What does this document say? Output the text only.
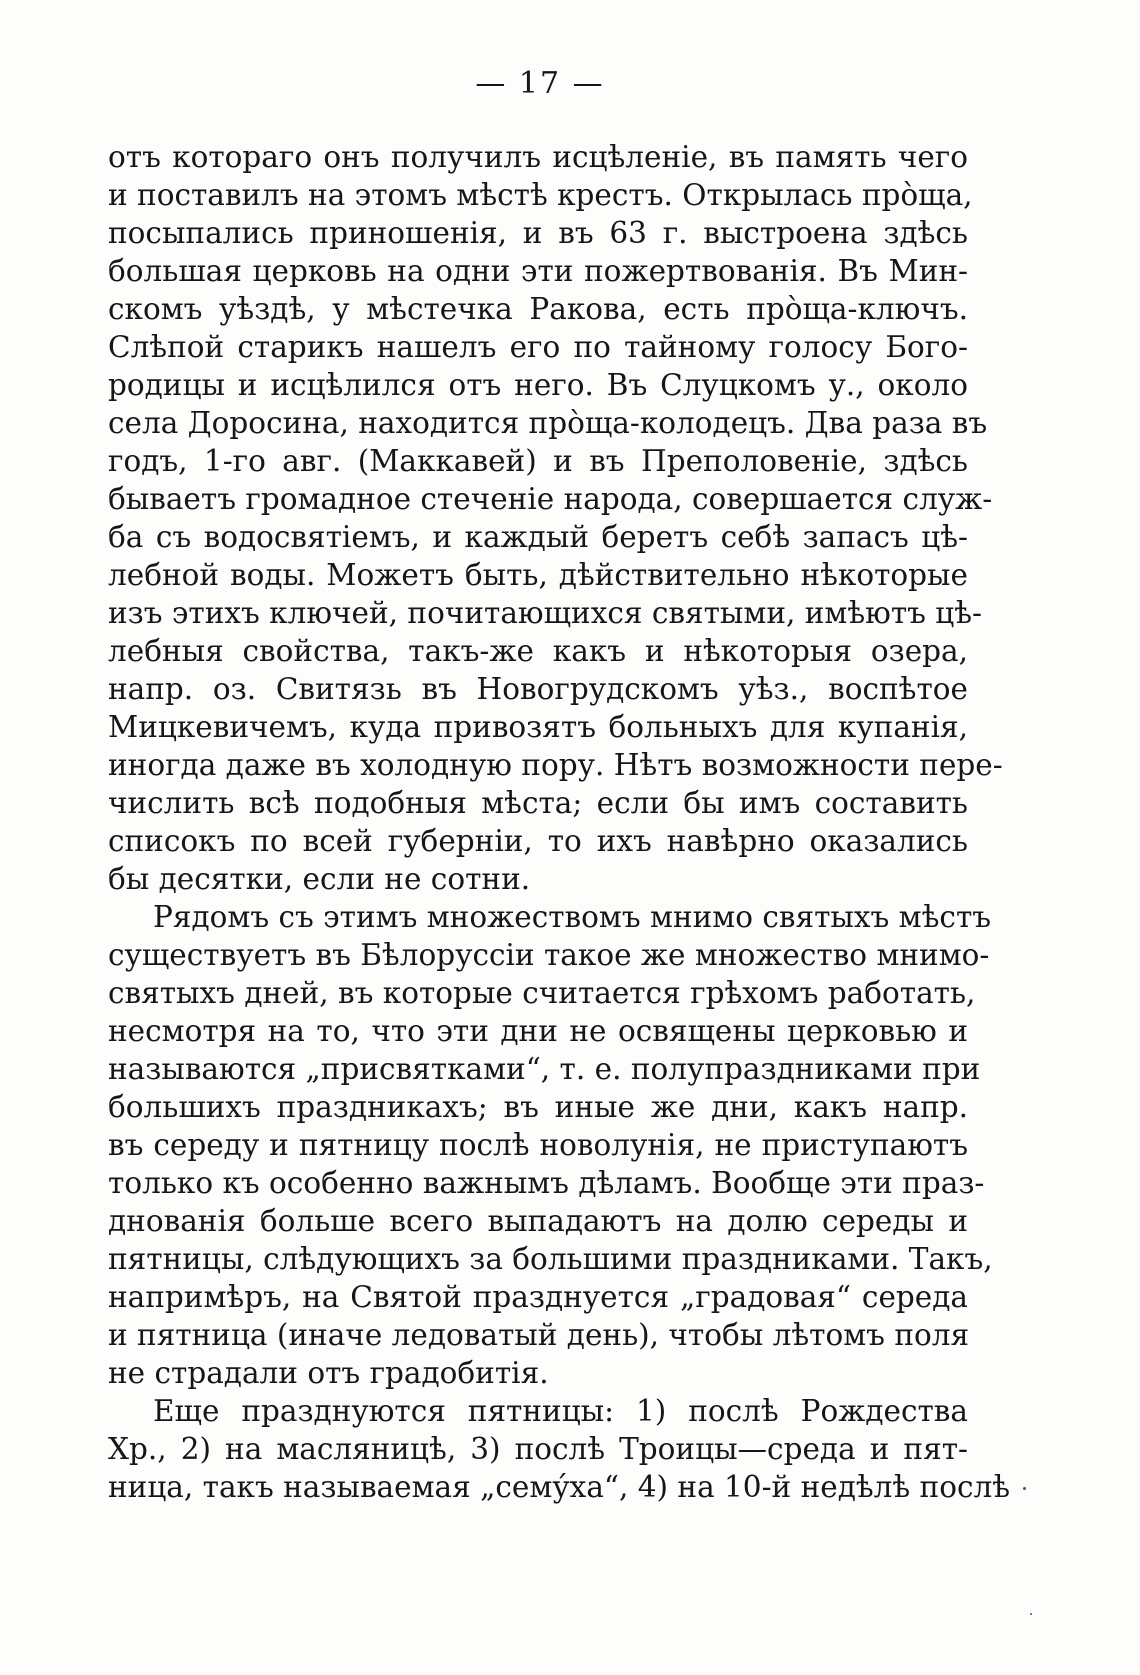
— 17 —
отъ котораго онъ получилъ исцѣленіе, въ память чего
и поставилъ на этомъ мѣстѣ крестъ. Открылась прòща,
посыпались приношенія, и въ 63 г. выстроена здѣсь
большая церковь на одни эти пожертвованія. Въ Мин-
скомъ уѣздѣ, у мѣстечка Ракова, есть прòща-ключъ.
Слѣпой старикъ нашелъ его по тайному голосу Бого-
родицы и исцѣлился отъ него. Въ Слуцкомъ у., около
села Доросина, находится прòща-колодецъ. Два раза въ
годъ, 1-го авг. (Маккавей) и въ Преполовеніе, здѣсь
бываетъ громадное стеченіе народа, совершается служ-
ба съ водосвятіемъ, и каждый беретъ себѣ запасъ цѣ-
лебной воды. Можетъ быть, дѣйствительно нѣкоторые
изъ этихъ ключей, почитающихся святыми, имѣютъ цѣ-
лебныя свойства, такъ-же какъ и нѣкоторыя озера,
напр. оз. Свитязь въ Новогрудскомъ уѣз., воспѣтое
Мицкевичемъ, куда привозятъ больныхъ для купанія,
иногда даже въ холодную пору. Нѣтъ возможности пере-
числить всѣ подобныя мѣста; если бы имъ составить
списокъ по всей губерніи, то ихъ навѣрно оказались
бы десятки, если не сотни.
Рядомъ съ этимъ множествомъ мнимо святыхъ мѣстъ
существуетъ въ Бѣлоруссіи такое же множество мнимо-
святыхъ дней, въ которые считается грѣхомъ работать,
несмотря на то, что эти дни не освящены церковью и
называются „присвятками“, т. е. полупраздниками при
большихъ праздникахъ; въ иные же дни, какъ напр.
въ середу и пятницу послѣ новолунія, не приступаютъ
только къ особенно важнымъ дѣламъ. Вообще эти праз-
днованія больше всего выпадаютъ на долю середы и
пятницы, слѣдующихъ за большими праздниками. Такъ,
напримѣръ, на Святой празднуется „градовая“ середа
и пятница (иначе ледоватый день), чтобы лѣтомъ поля
не страдали отъ градобитія.
Еще празднуются пятницы: 1) послѣ Рождества
Хр., 2) на масляницѣ, 3) послѣ Троицы—среда и пят-
ница, такъ называемая „сему́ха“, 4) на 10-й недѣлѣ послѣ
